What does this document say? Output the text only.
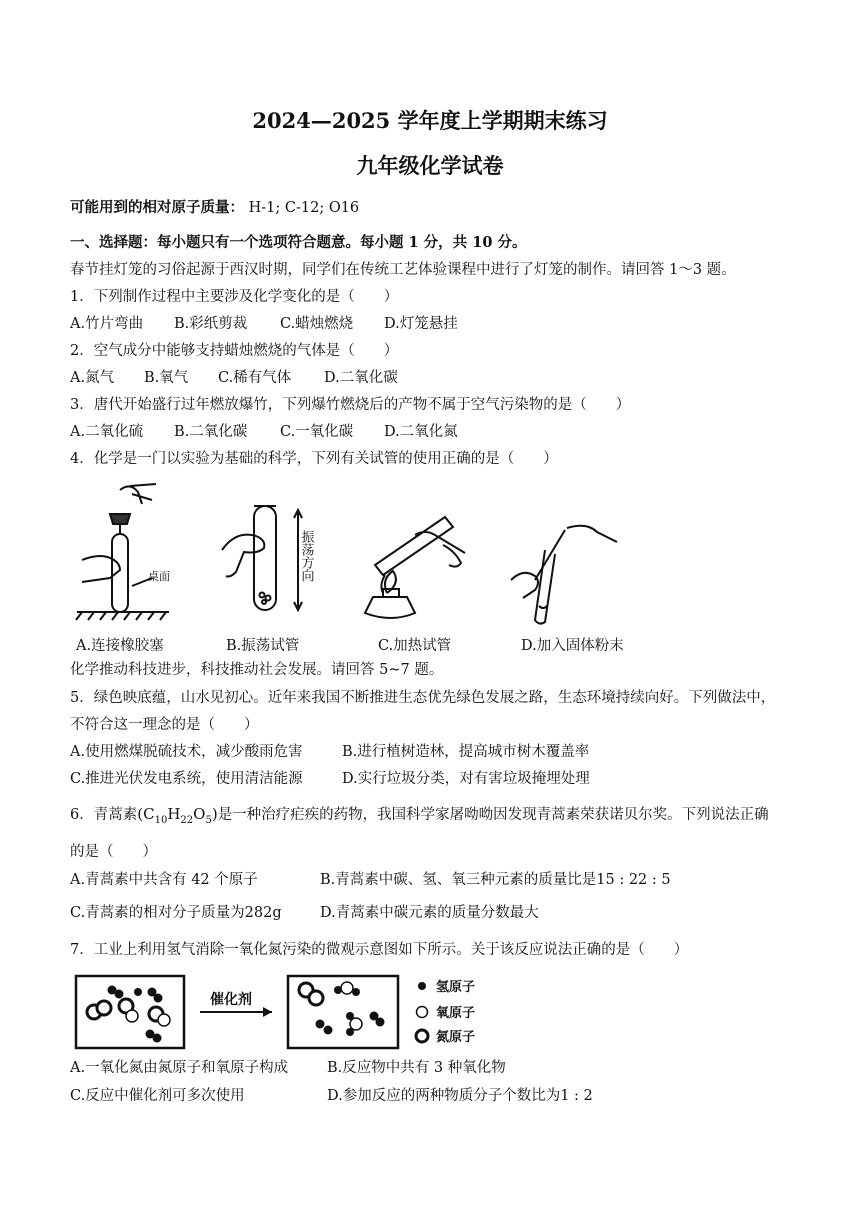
2024—2025 学年度上学期期末练习
九年级化学试卷
可能用到的相对原子质量： H-1; C-12; O16
一、选择题：每小题只有一个选项符合题意。每小题 1 分，共 10 分。
春节挂灯笼的习俗起源于西汉时期，同学们在传统工艺体验课程中进行了灯笼的制作。请回答 1～3 题。
1．下列制作过程中主要涉及化学变化的是（　　）
A.竹片弯曲 B.彩纸剪裁 C.蜡烛燃烧 D.灯笼悬挂
2．空气成分中能够支持蜡烛燃烧的气体是（　　）
A.氮气 B.氧气 C.稀有气体 D.二氧化碳
3．唐代开始盛行过年燃放爆竹，下列爆竹燃烧后的产物不属于空气污染物的是（　　）
A.二氧化硫 B.二氧化碳 C.一氧化碳 D.二氧化氮
4．化学是一门以实验为基础的科学，下列有关试管的使用正确的是（　　）
桌面	振荡方向
A.连接橡胶塞	B.振荡试管	C.加热试管	D.加入固体粉末
化学推动科技进步，科技推动社会发展。请回答 5~7 题。
5．绿色映底蕴，山水见初心。近年来我国不断推进生态优先绿色发展之路，生态环境持续向好。下列做法中，
不符合这一理念的是（　　）
A.使用燃煤脱硫技术，减少酸雨危害	B.进行植树造林，提高城市树木覆盖率
C.推进光伏发电系统，使用清洁能源	D.实行垃圾分类，对有害垃圾掩埋处理
6．青蒿素$(C_{10}H_{22}O_5)$是一种治疗疟疾的药物，我国科学家屠呦呦因发现青蒿素荣获诺贝尔奖。下列说法正确
的是（　　）
A.青蒿素中共含有 42 个原子	B.青蒿素中碳、氢、氧三种元素的质量比是15 : 22 : 5
C.青蒿素的相对分子质量为282g	D.青蒿素中碳元素的质量分数最大
7．工业上利用氢气消除一氧化氮污染的微观示意图如下所示。关于该反应说法正确的是（　　）
催化剂
氢原子
氧原子
氮原子
A.一氧化氮由氮原子和氧原子构成	B.反应物中共有 3 种氧化物
C.反应中催化剂可多次使用	D.参加反应的两种物质分子个数比为1 : 2
